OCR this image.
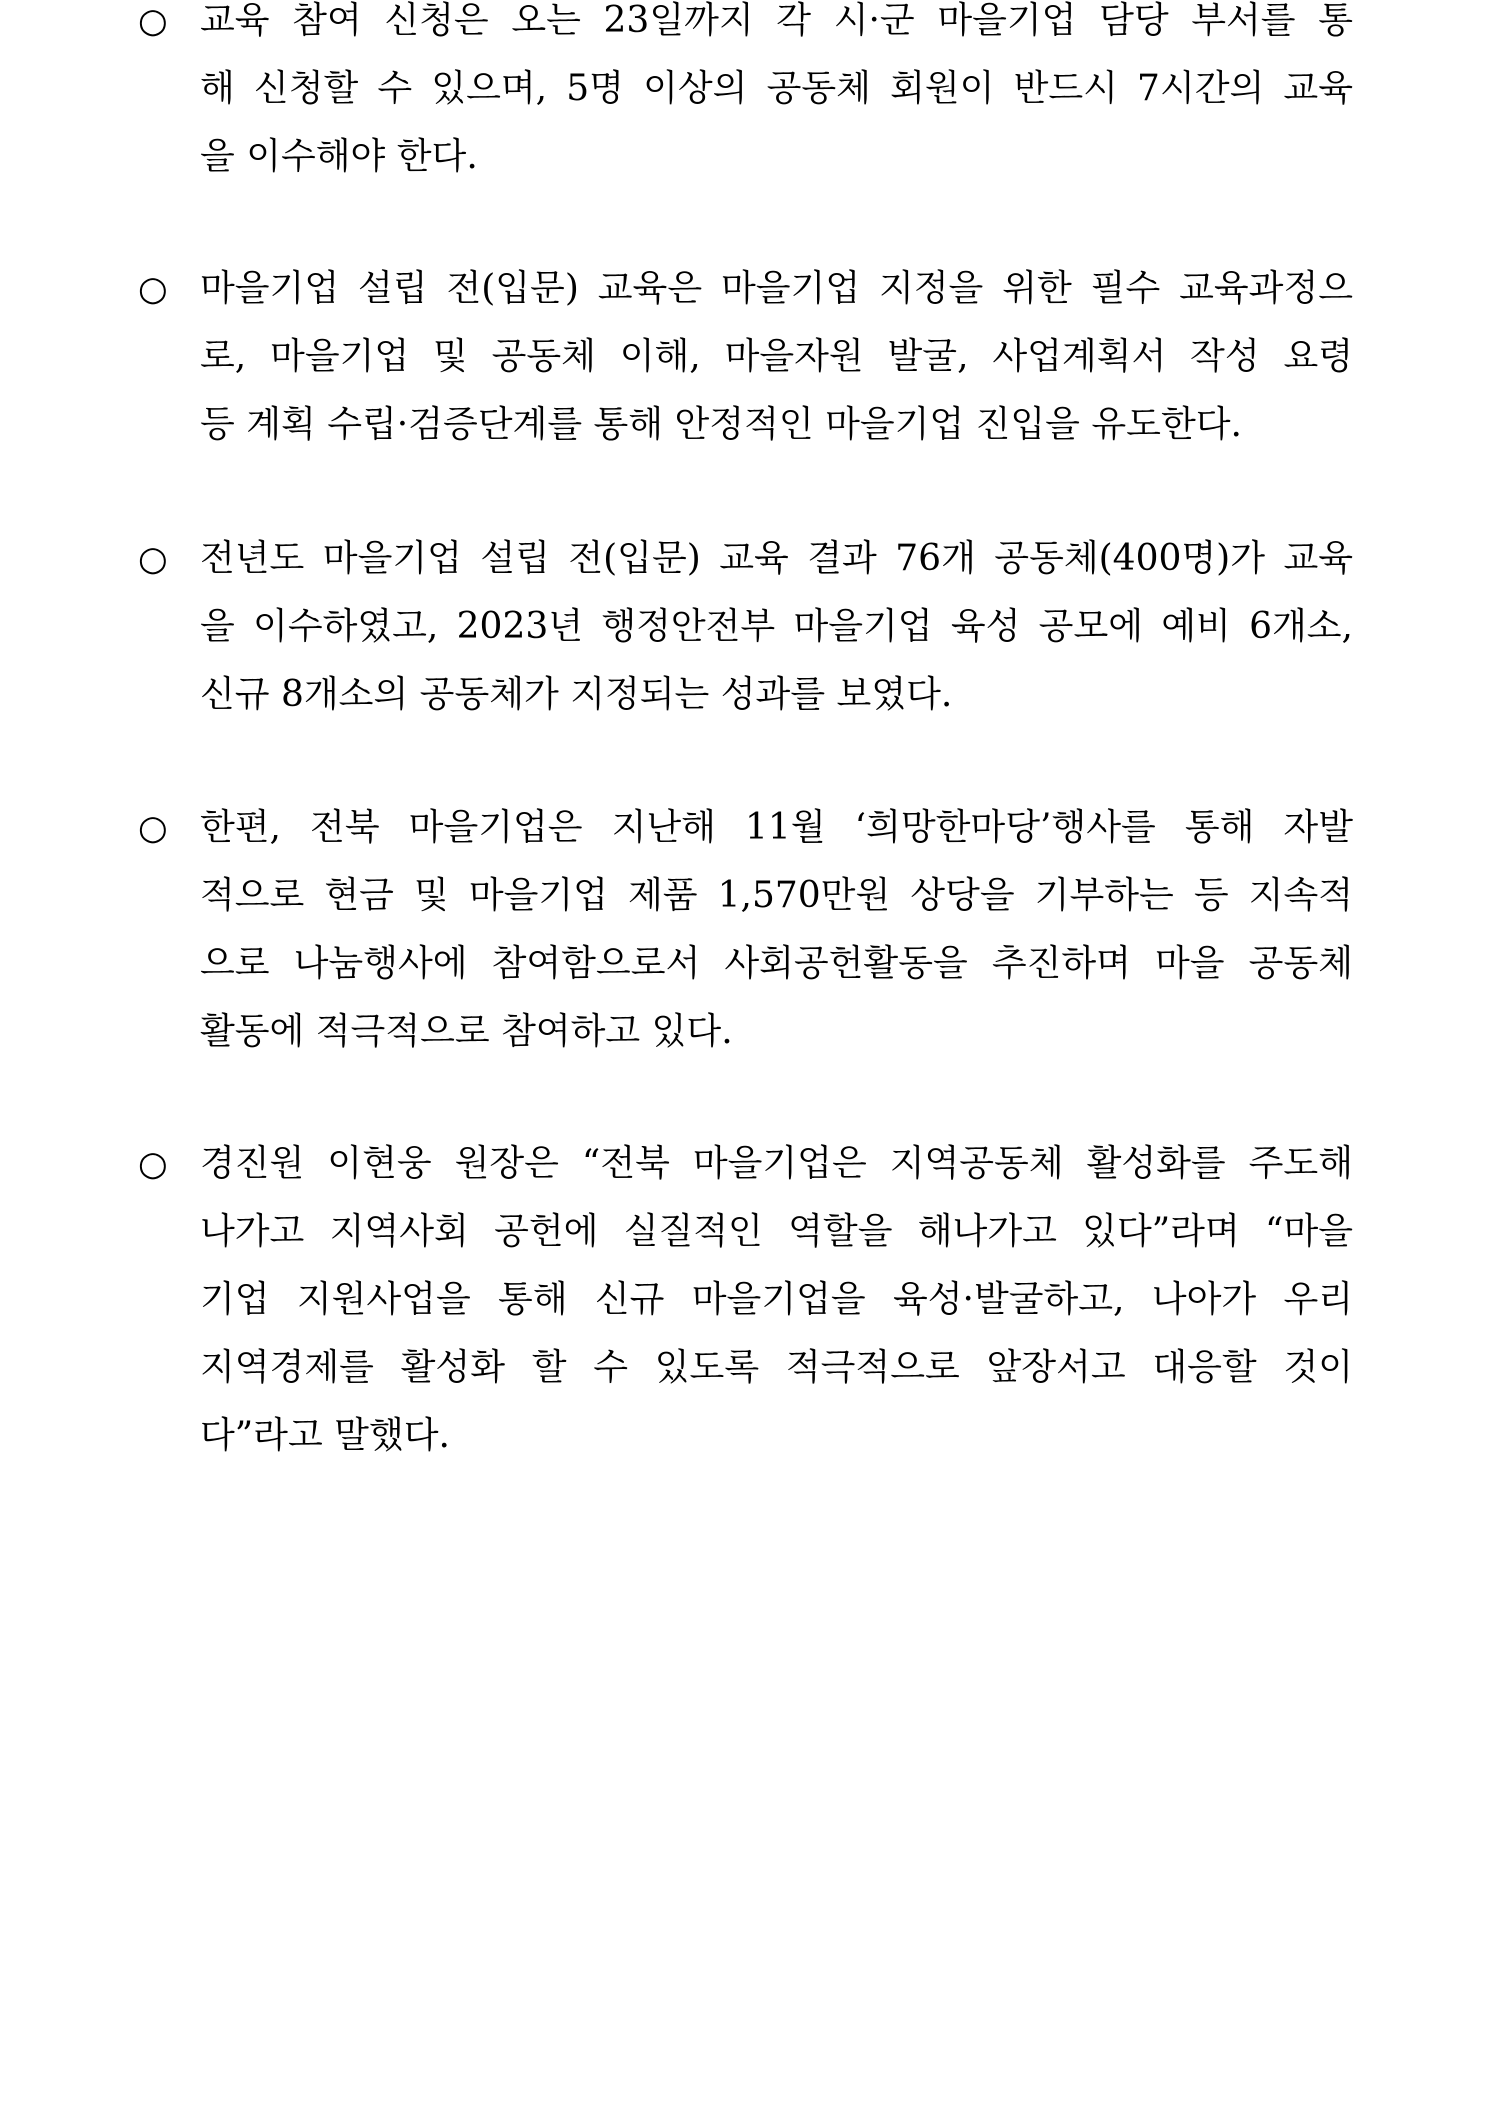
○ 교육 참여 신청은 오는 23일까지 각 시·군 마을기업 담당 부서를 통
해 신청할 수 있으며, 5명 이상의 공동체 회원이 반드시 7시간의 교육
을 이수해야 한다.
○ 마을기업 설립 전(입문) 교육은 마을기업 지정을 위한 필수 교육과정으
로, 마을기업 및 공동체 이해, 마을자원 발굴, 사업계획서 작성 요령
등 계획 수립·검증단계를 통해 안정적인 마을기업 진입을 유도한다.
○ 전년도 마을기업 설립 전(입문) 교육 결과 76개 공동체(400명)가 교육
을 이수하였고, 2023년 행정안전부 마을기업 육성 공모에 예비 6개소,
신규 8개소의 공동체가 지정되는 성과를 보였다.
○ 한편, 전북 마을기업은 지난해 11월 ‘희망한마당’행사를 통해 자발
적으로 현금 및 마을기업 제품 1,570만원 상당을 기부하는 등 지속적
으로 나눔행사에 참여함으로서 사회공헌활동을 추진하며 마을 공동체
활동에 적극적으로 참여하고 있다.
○ 경진원 이현웅 원장은 “전북 마을기업은 지역공동체 활성화를 주도해
나가고 지역사회 공헌에 실질적인 역할을 해나가고 있다”라며 “마을
기업 지원사업을 통해 신규 마을기업을 육성·발굴하고, 나아가 우리
지역경제를 활성화 할 수 있도록 적극적으로 앞장서고 대응할 것이
다”라고 말했다.
